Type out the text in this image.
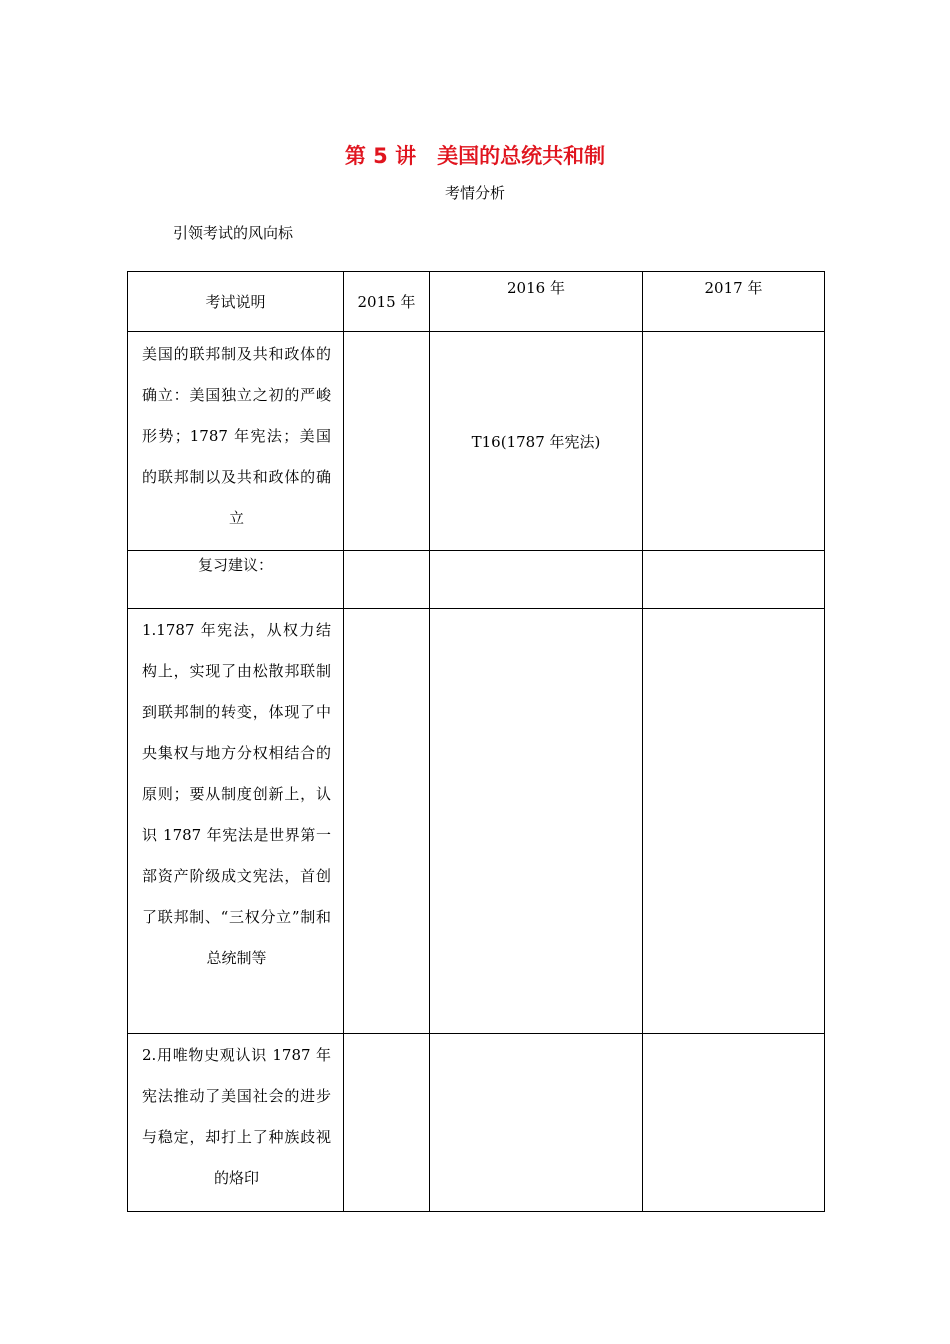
第 5 讲　美国的总统共和制
考情分析
引领考试的风向标
考试说明	2015 年	2016 年	2017 年

美国的联邦制及共和政体的确立：美国独立之初的严峻形势；1787 年宪法；美国的联邦制以及共和政体的确立		T16(1787 年宪法)	
复习建议：			

1.1787 年宪法，从权力结构上，实现了由松散邦联制到联邦制的转变，体现了中央集权与地方分权相结合的原则；要从制度创新上，认识 1787 年宪法是世界第一部资产阶级成文宪法，首创了联邦制、“三权分立”制和总统制等			

2.用唯物史观认识 1787 年宪法推动了美国社会的进步与稳定，却打上了种族歧视的烙印			
